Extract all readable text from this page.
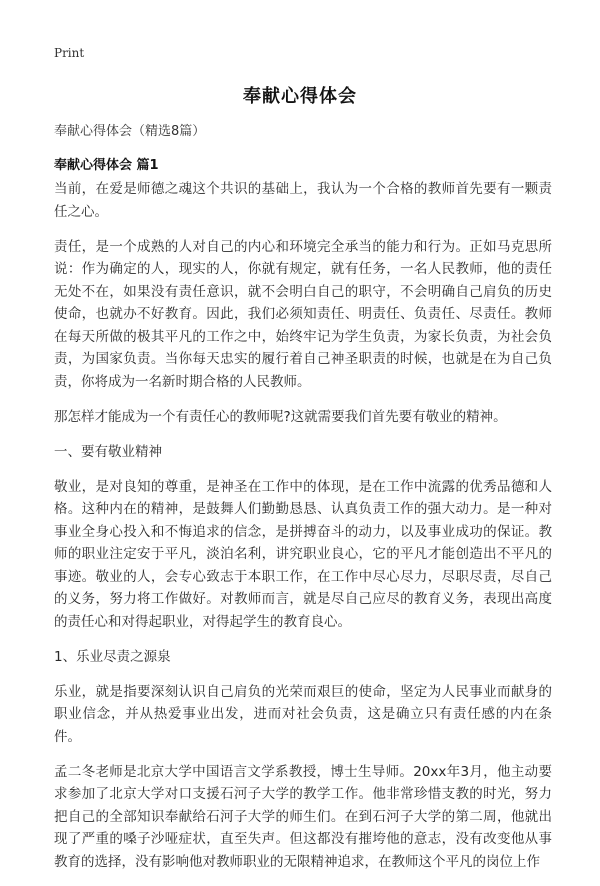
Print
奉献心得体会
奉献心得体会（精选8篇）
奉献心得体会 篇1

当前，在爱是师德之魂这个共识的基础上，我认为一个合格的教师首先要有一颗责任之心。

责任，是一个成熟的人对自己的内心和环境完全承当的能力和行为。正如马克思所说：作为确定的人，现实的人，你就有规定，就有任务，一名人民教师，他的责任无处不在，如果没有责任意识，就不会明白自己的职守，不会明确自己肩负的历史使命，也就办不好教育。因此，我们必须知责任、明责任、负责任、尽责任。教师在每天所做的极其平凡的工作之中，始终牢记为学生负责，为家长负责，为社会负责，为国家负责。当你每天忠实的履行着自己神圣职责的时候，也就是在为自己负责，你将成为一名新时期合格的人民教师。

那怎样才能成为一个有责任心的教师呢?这就需要我们首先要有敬业的精神。

一、要有敬业精神

敬业，是对良知的尊重，是神圣在工作中的体现，是在工作中流露的优秀品德和人格。这种内在的精神，是鼓舞人们勤勤恳恳、认真负责工作的强大动力。是一种对事业全身心投入和不悔追求的信念，是拼搏奋斗的动力，以及事业成功的保证。教师的职业注定安于平凡，淡泊名利，讲究职业良心，它的平凡才能创造出不平凡的事迹。敬业的人，会专心致志于本职工作，在工作中尽心尽力，尽职尽责，尽自己的义务，努力将工作做好。对教师而言，就是尽自己应尽的教育义务，表现出高度的责任心和对得起职业，对得起学生的教育良心。

1、乐业尽责之源泉

乐业，就是指要深刻认识自己肩负的光荣而艰巨的使命，坚定为人民事业而献身的职业信念，并从热爱事业出发，进而对社会负责，这是确立只有责任感的内在条件。

孟二冬老师是北京大学中国语言文学系教授，博士生导师。20xx年3月，他主动要求参加了北京大学对口支援石河子大学的教学工作。他非常珍惜支教的时光，努力把自己的全部知识奉献给石河子大学的师生们。在到石河子大学的第二周，他就出现了严重的嗓子沙哑症状，直至失声。但这都没有摧垮他的意志，没有改变他从事教育的选择，没有影响他对教师职业的无限精神追求，在教师这个平凡的岗位上作
